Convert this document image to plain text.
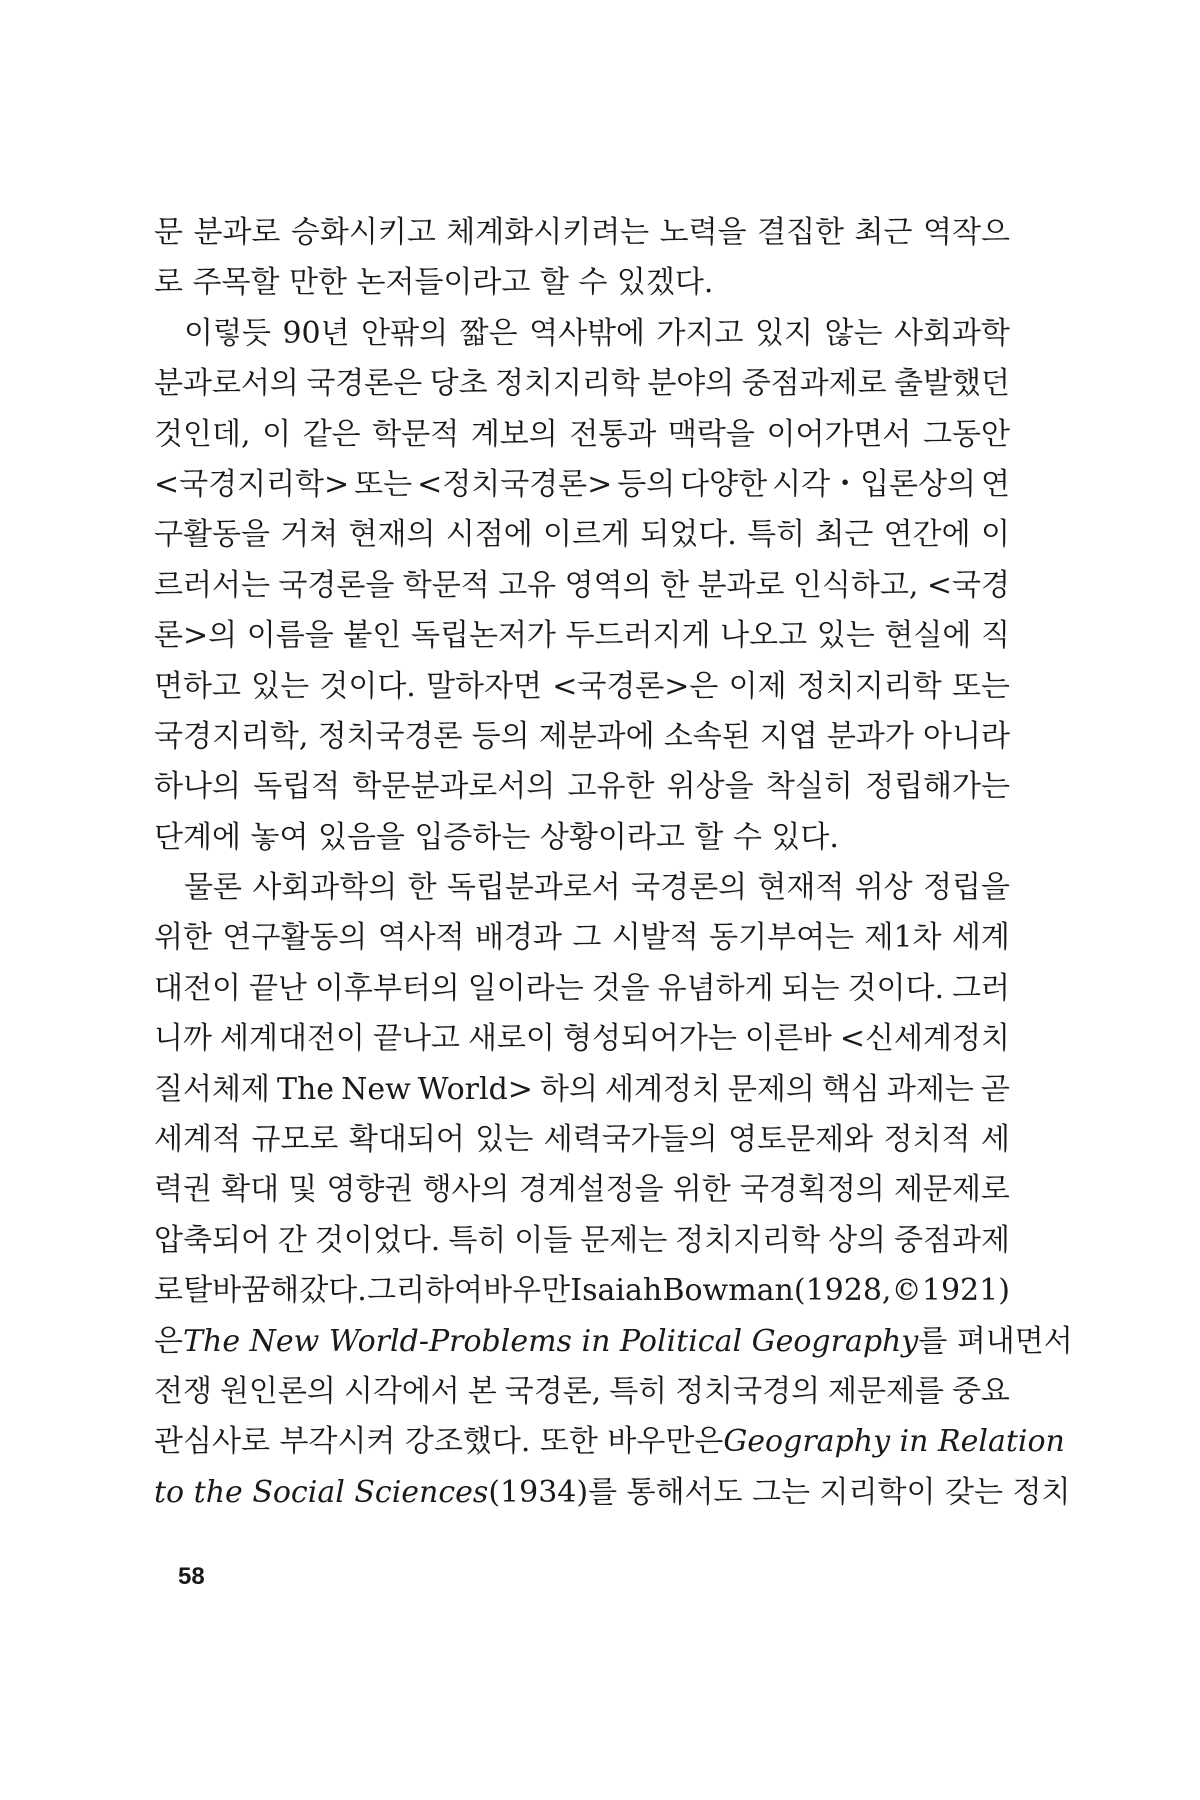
문 분과로 승화시키고 체계화시키려는 노력을 결집한 최근 역작으
로 주목할 만한 논저들이라고 할 수 있겠다.
이렇듯 90년 안팎의 짧은 역사밖에 가지고 있지 않는 사회과학
분과로서의 국경론은 당초 정치지리학 분야의 중점과제로 출발했던
것인데, 이 같은 학문적 계보의 전통과 맥락을 이어가면서 그동안
<국경지리학> 또는 <정치국경론> 등의 다양한 시각・입론상의 연
구활동을 거쳐 현재의 시점에 이르게 되었다. 특히 최근 연간에 이
르러서는 국경론을 학문적 고유 영역의 한 분과로 인식하고, <국경
론>의 이름을 붙인 독립논저가 두드러지게 나오고 있는 현실에 직
면하고 있는 것이다. 말하자면 <국경론>은 이제 정치지리학 또는
국경지리학, 정치국경론 등의 제분과에 소속된 지엽 분과가 아니라
하나의 독립적 학문분과로서의 고유한 위상을 착실히 정립해가는
단계에 놓여 있음을 입증하는 상황이라고 할 수 있다.
물론 사회과학의 한 독립분과로서 국경론의 현재적 위상 정립을
위한 연구활동의 역사적 배경과 그 시발적 동기부여는 제1차 세계
대전이 끝난 이후부터의 일이라는 것을 유념하게 되는 것이다. 그러
니까 세계대전이 끝나고 새로이 형성되어가는 이른바 <신세계정치
질서체제 The New World> 하의 세계정치 문제의 핵심 과제는 곧
세계적 규모로 확대되어 있는 세력국가들의 영토문제와 정치적 세
력권 확대 및 영향권 행사의 경계설정을 위한 국경획정의 제문제로
압축되어 간 것이었다. 특히 이들 문제는 정치지리학 상의 중점과제
로 탈바꿈해 갔다. 그리하여 바우만 Isaiah Bowman(1928, © 1921)
은 The New World-Problems in Political Geography 를 펴내면서
전쟁 원인론의 시각에서 본 국경론, 특히 정치국경의 제문제를 중요
관심사로 부각시켜 강조했다. 또한 바우만은 Geography in Relation
to the Social Sciences (1934)를 통해서도 그는 지리학이 갖는 정치
58
